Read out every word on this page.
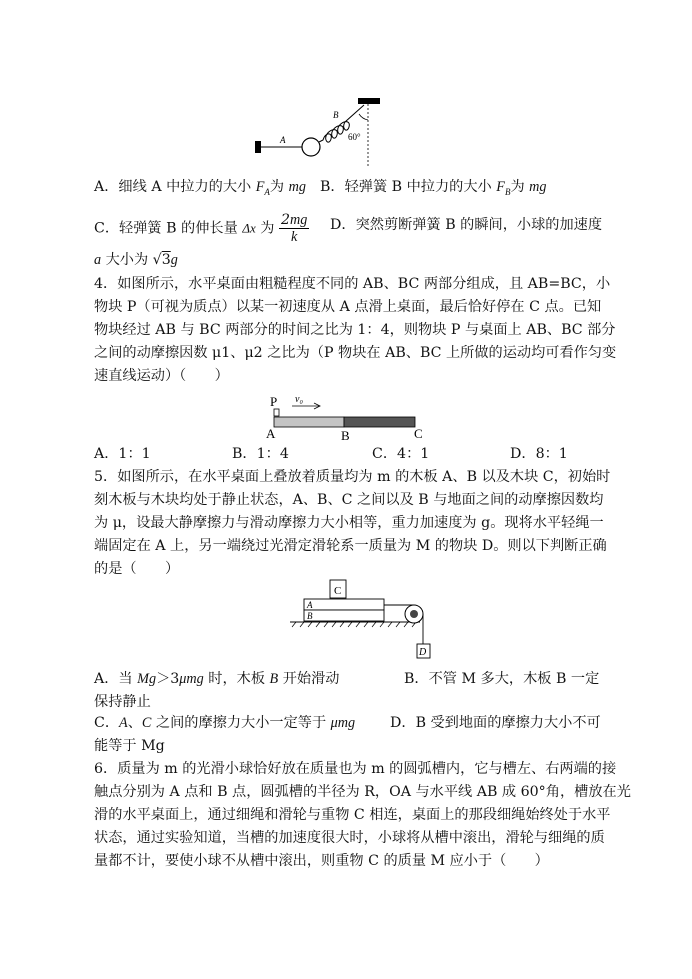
A
B
60°
A．细线 A 中拉力的大小 $F_A$为 mg B．轻弹簧 B 中拉力的大小 $F_B$为 mg
C．轻弹簧 B 的伸长量 Δx 为 $\frac{2mg}{k}$ D．突然剪断弹簧 B 的瞬间，小球的加速度
a 大小为 √3g
4．如图所示，水平桌面由粗糙程度不同的 AB、BC 两部分组成，且 AB=BC，小
物块 P（可视为质点）以某一初速度从 A 点滑上桌面，最后恰好停在 C 点。已知
物块经过 AB 与 BC 两部分的时间之比为 1：4，则物块 P 与桌面上 AB、BC 部分
之间的动摩擦因数 μ1、μ2 之比为（P 物块在 AB、BC 上所做的运动均可看作匀变
速直线运动）（　　）
P v₀
A	B	C
A．1：1	B．1：4	C．4：1	D．8：1
5．如图所示，在水平桌面上叠放着质量均为 m 的木板 A、B 以及木块 C，初始时
刻木板与木块均处于静止状态，A、B、C 之间以及 B 与地面之间的动摩擦因数均
为 μ，设最大静摩擦力与滑动摩擦力大小相等，重力加速度为 g。现将水平轻绳一
端固定在 A 上，另一端绕过光滑定滑轮系一质量为 M 的物块 D。则以下判断正确
的是（　　）
C
A
B
D
A．当 Mg＞3μmg 时，木板 B 开始滑动	B．不管 M 多大，木板 B 一定
保持静止
C．A、C 之间的摩擦力大小一定等于 μmg D．B 受到地面的摩擦力大小不可
能等于 Mg
6．质量为 m 的光滑小球恰好放在质量也为 m 的圆弧槽内，它与槽左、右两端的接
触点分别为 A 点和 B 点，圆弧槽的半径为 R，OA 与水平线 AB 成 60°角，槽放在光
滑的水平桌面上，通过细绳和滑轮与重物 C 相连，桌面上的那段细绳始终处于水平
状态，通过实验知道，当槽的加速度很大时，小球将从槽中滚出，滑轮与细绳的质
量都不计，要使小球不从槽中滚出，则重物 C 的质量 M 应小于（　　）
